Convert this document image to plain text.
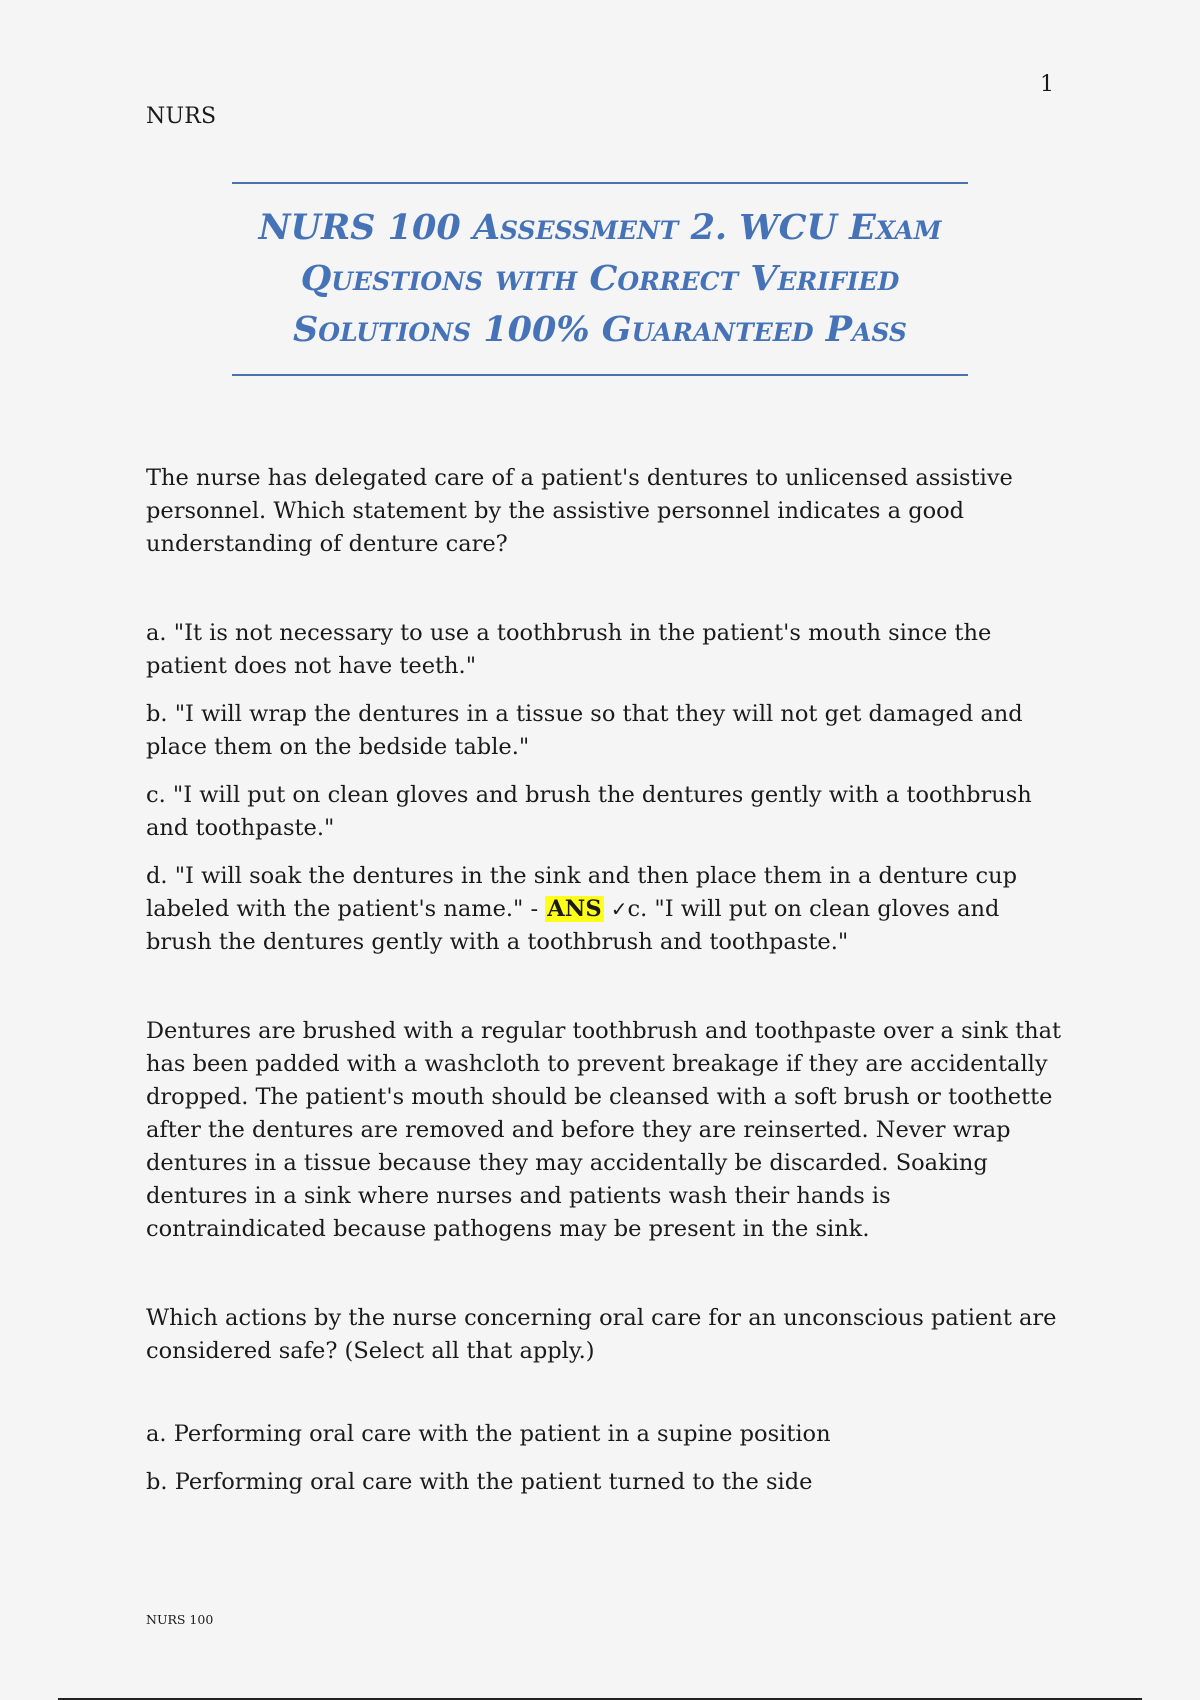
1
NURS
NURS 100 Assessment 2. WCU Exam
Questions with Correct Verified
Solutions 100% Guaranteed Pass

The nurse has delegated care of a patient's dentures to unlicensed assistive personnel. Which statement by the assistive personnel indicates a good understanding of denture care?

a. "It is not necessary to use a toothbrush in the patient's mouth since the patient does not have teeth."

b. "I will wrap the dentures in a tissue so that they will not get damaged and place them on the bedside table."

c. "I will put on clean gloves and brush the dentures gently with a toothbrush and toothpaste."

d. "I will soak the dentures in the sink and then place them in a denture cup labeled with the patient's name." - ANS ✓c. "I will put on clean gloves and brush the dentures gently with a toothbrush and toothpaste."

Dentures are brushed with a regular toothbrush and toothpaste over a sink that has been padded with a washcloth to prevent breakage if they are accidentally dropped. The patient's mouth should be cleansed with a soft brush or toothette after the dentures are removed and before they are reinserted. Never wrap dentures in a tissue because they may accidentally be discarded. Soaking dentures in a sink where nurses and patients wash their hands is contraindicated because pathogens may be present in the sink.

Which actions by the nurse concerning oral care for an unconscious patient are considered safe? (Select all that apply.)

a. Performing oral care with the patient in a supine position

b. Performing oral care with the patient turned to the side

NURS 100
